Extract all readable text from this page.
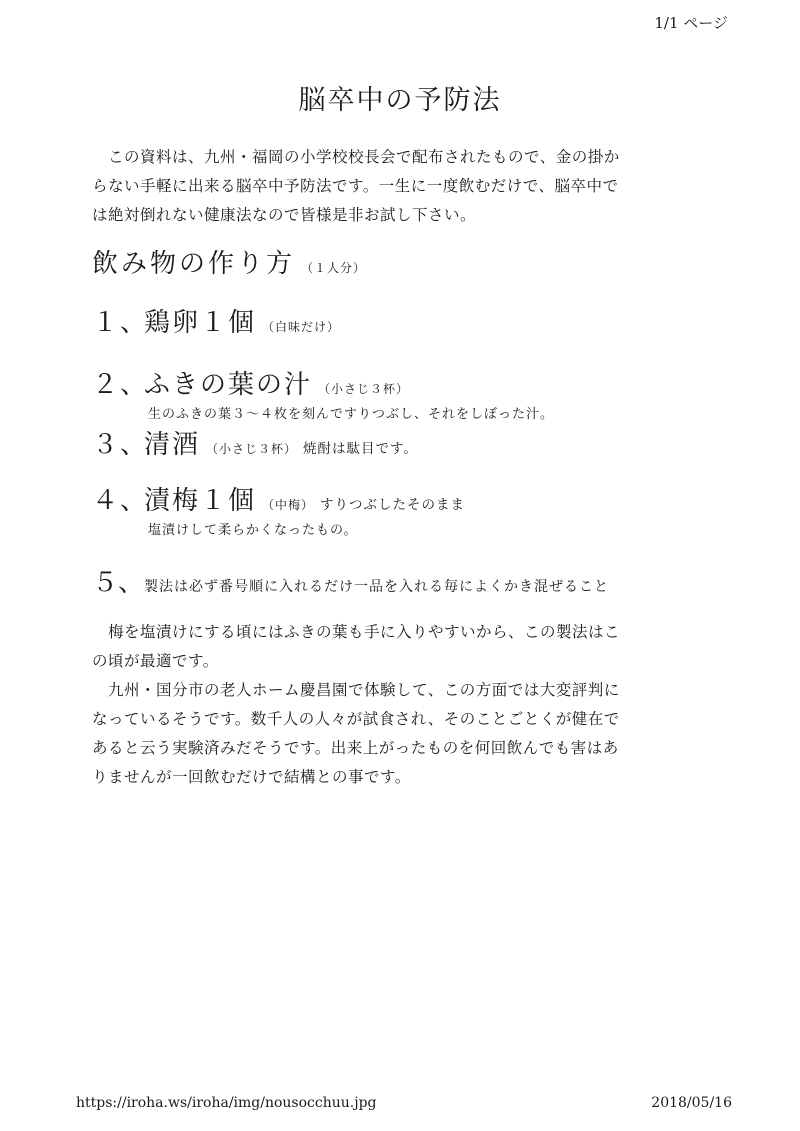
1/1 ページ
脳卒中の予防法

　この資料は、九州・福岡の小学校校長会で配布されたもので、金の掛か

らない手軽に出来る脳卒中予防法です。一生に一度飲むだけで、脳卒中で

は絶対倒れない健康法なので皆様是非お試し下さい。

飲み物の作り方 （１人分）
１、鶏卵１個 （白味だけ）
２、ふきの葉の汁 （小さじ３杯）
生のふきの葉３～４枚を刻んですりつぶし、それをしぼった汁。
３、清酒 （小さじ３杯） 焼酎は駄目です。
４、漬梅１個 （中梅） すりつぶしたそのまま
塩漬けして柔らかくなったもの。
５、製法は必ず番号順に入れるだけ一品を入れる毎によくかき混ぜること

　梅を塩漬けにする頃にはふきの葉も手に入りやすいから、この製法はこ

の頃が最適です。

　九州・国分市の老人ホーム慶昌園で体験して、この方面では大変評判に

なっているそうです。数千人の人々が試食され、そのことごとくが健在で

あると云う実験済みだそうです。出来上がったものを何回飲んでも害はあ

りませんが一回飲むだけで結構との事です。

https://iroha.ws/iroha/img/nousocchuu.jpg	2018/05/16
